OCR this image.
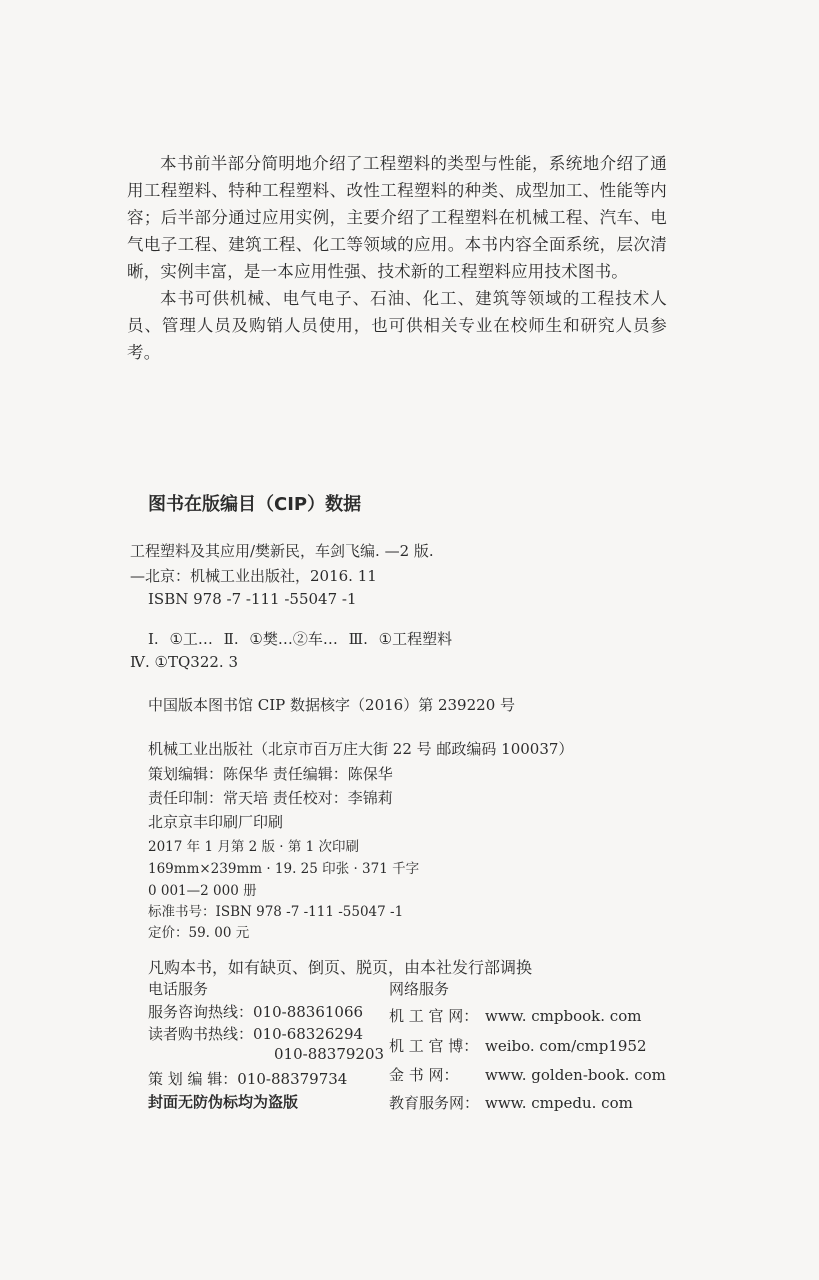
本书前半部分简明地介绍了工程塑料的类型与性能，系统地介绍了通用工程塑料、特种工程塑料、改性工程塑料的种类、成型加工、性能等内容；后半部分通过应用实例，主要介绍了工程塑料在机械工程、汽车、电气电子工程、建筑工程、化工等领域的应用。本书内容全面系统，层次清晰，实例丰富，是一本应用性强、技术新的工程塑料应用技术图书。

本书可供机械、电气电子、石油、化工、建筑等领域的工程技术人员、管理人员及购销人员使用，也可供相关专业在校师生和研究人员参考。

图书在版编目（CIP）数据
工程塑料及其应用/樊新民，车剑飞编. —2 版.
—北京：机械工业出版社，2016. 11
ISBN 978 -7 -111 -55047 -1
Ⅰ. ①工… Ⅱ. ①樊…②车… Ⅲ. ①工程塑料
Ⅳ. ①TQ322. 3
中国版本图书馆 CIP 数据核字（2016）第 239220 号
机械工业出版社（北京市百万庄大街 22 号 邮政编码 100037）
策划编辑：陈保华 责任编辑：陈保华
责任印制：常天培 责任校对：李锦莉
北京京丰印刷厂印刷
2017 年 1 月第 2 版 · 第 1 次印刷
169mm×239mm · 19. 25 印张 · 371 千字
0 001—2 000 册
标准书号：ISBN 978 -7 -111 -55047 -1
定价：59. 00 元
凡购本书，如有缺页、倒页、脱页，由本社发行部调换
电话服务
服务咨询热线：010-88361066
读者购书热线：010-68326294
010-88379203
策 划 编 辑：010-88379734
封面无防伪标均为盗版
网络服务
机 工 官 网： www. cmpbook. com
机 工 官 博： weibo. com/cmp1952
金 书 网： www. golden-book. com
教育服务网： www. cmpedu. com
